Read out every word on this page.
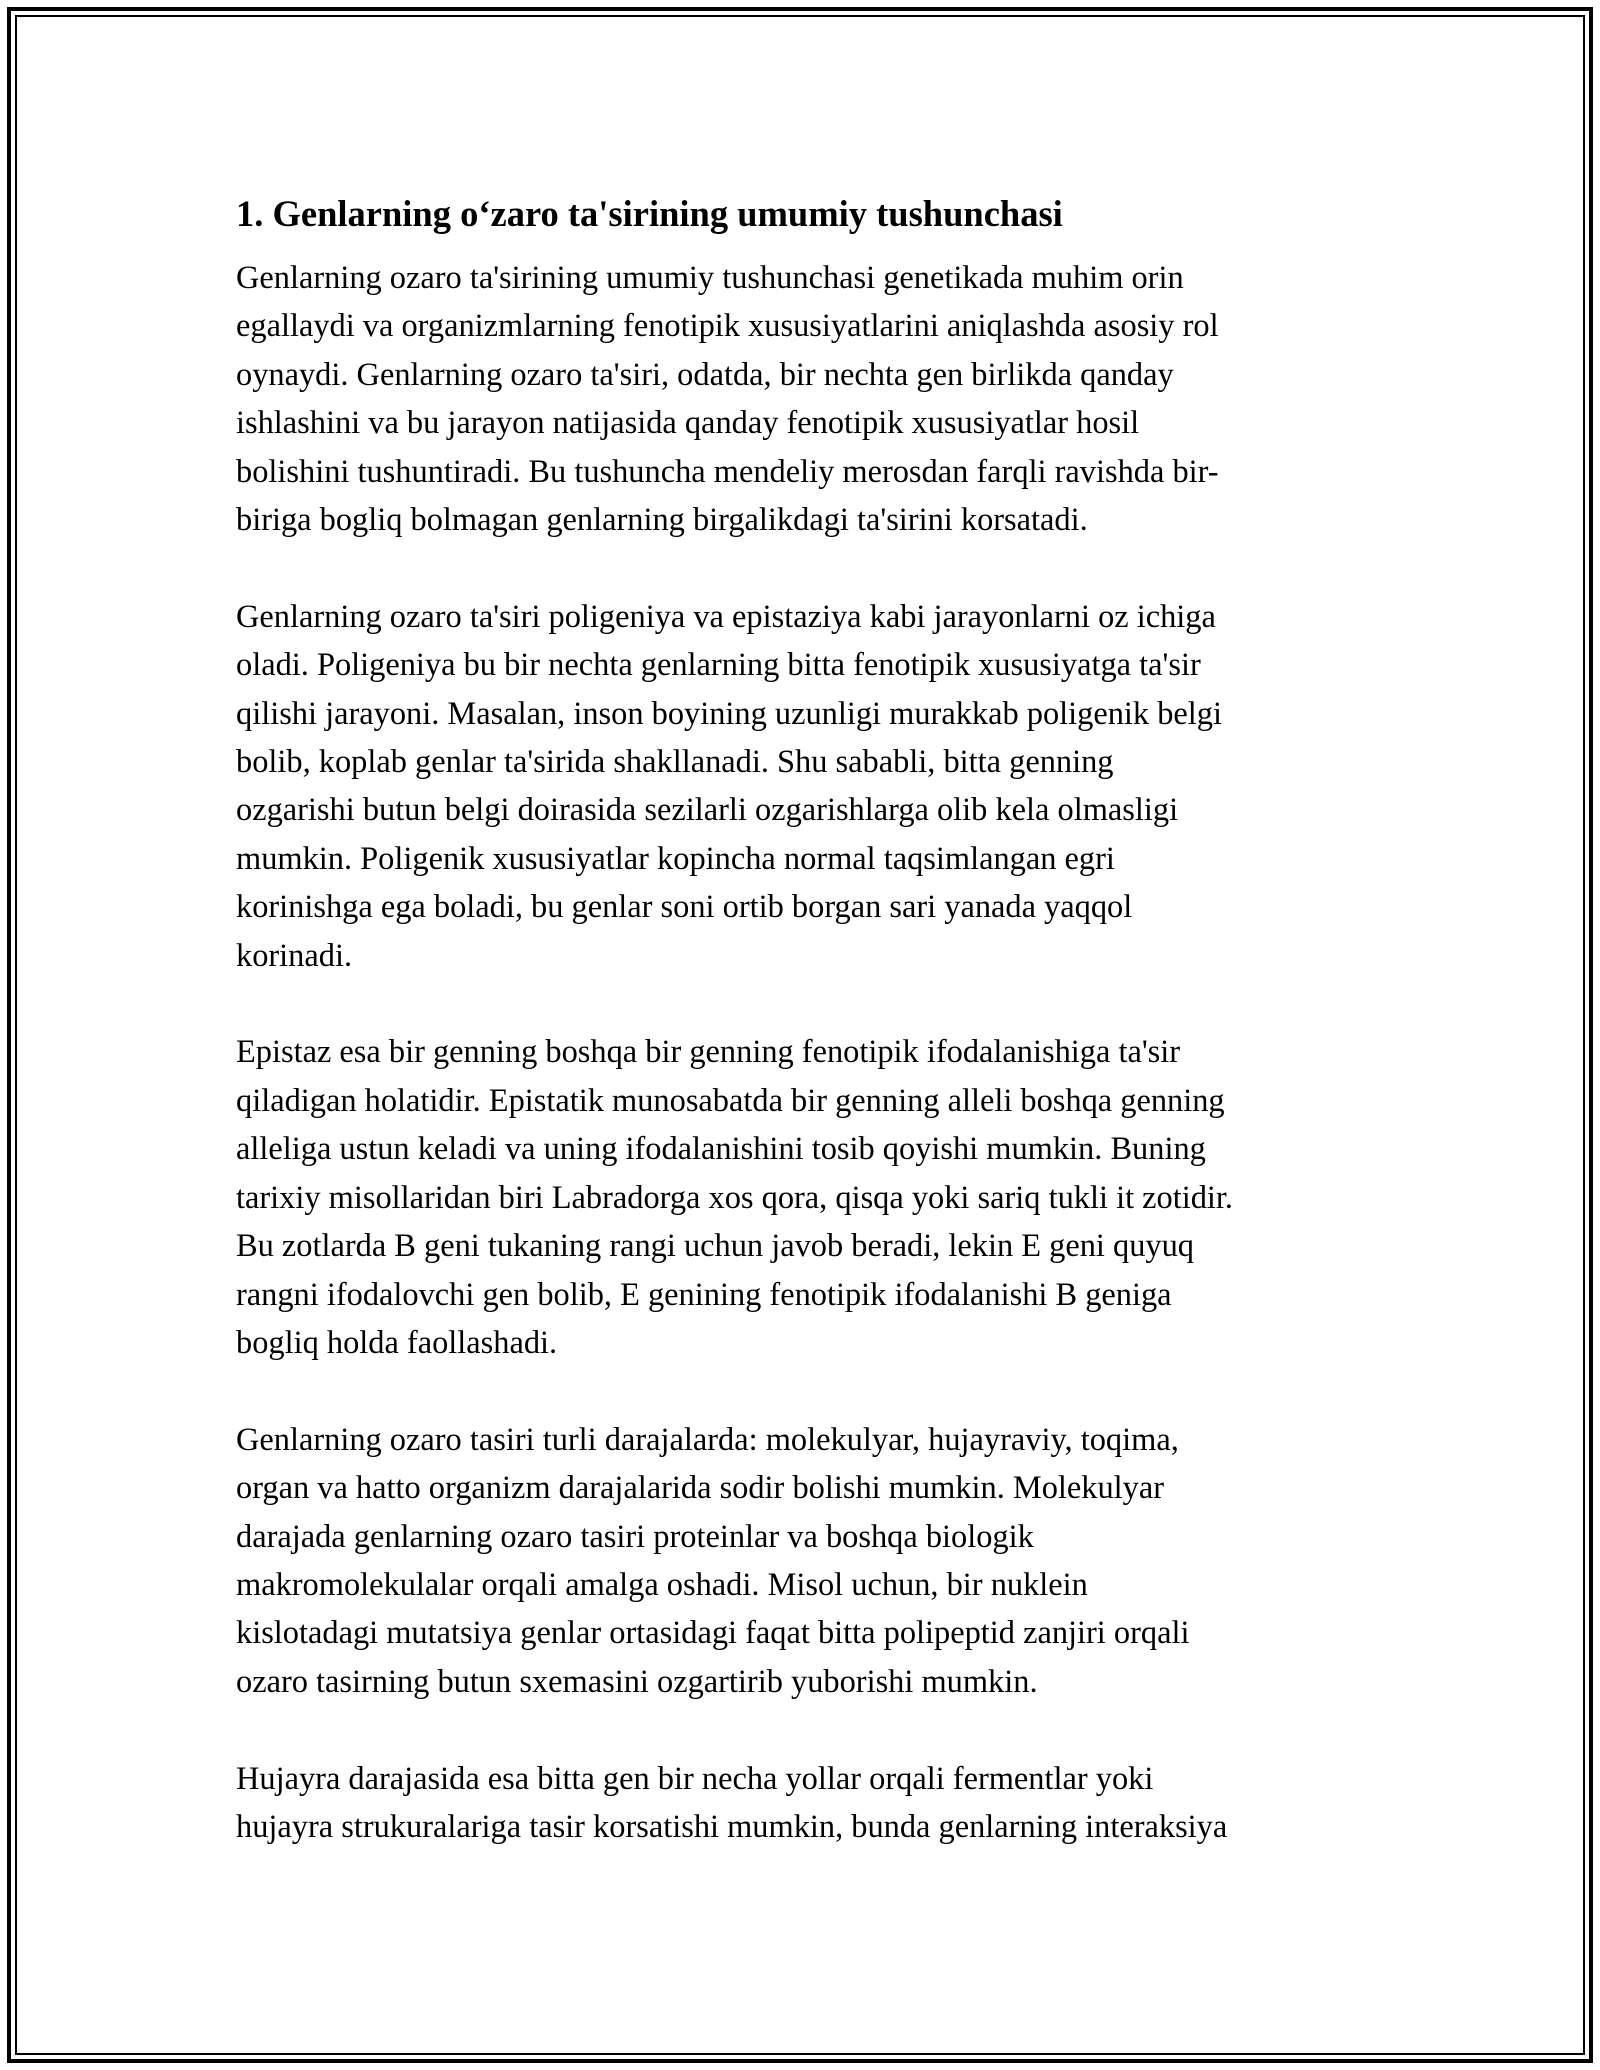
1. Genlarning o‘zaro ta'sirining umumiy tushunchasi

Genlarning ozaro ta'sirining umumiy tushunchasi genetikada muhim orin
egallaydi va organizmlarning fenotipik xususiyatlarini aniqlashda asosiy rol
oynaydi. Genlarning ozaro ta'siri, odatda, bir nechta gen birlikda qanday
ishlashini va bu jarayon natijasida qanday fenotipik xususiyatlar hosil
bolishini tushuntiradi. Bu tushuncha mendeliy merosdan farqli ravishda bir-
biriga bogliq bolmagan genlarning birgalikdagi ta'sirini korsatadi.

Genlarning ozaro ta'siri poligeniya va epistaziya kabi jarayonlarni oz ichiga
oladi. Poligeniya bu bir nechta genlarning bitta fenotipik xususiyatga ta'sir
qilishi jarayoni. Masalan, inson boyining uzunligi murakkab poligenik belgi
bolib, koplab genlar ta'sirida shakllanadi. Shu sababli, bitta genning
ozgarishi butun belgi doirasida sezilarli ozgarishlarga olib kela olmasligi
mumkin. Poligenik xususiyatlar kopincha normal taqsimlangan egri
korinishga ega boladi, bu genlar soni ortib borgan sari yanada yaqqol
korinadi.

Epistaz esa bir genning boshqa bir genning fenotipik ifodalanishiga ta'sir
qiladigan holatidir. Epistatik munosabatda bir genning alleli boshqa genning
alleliga ustun keladi va uning ifodalanishini tosib qoyishi mumkin. Buning
tarixiy misollaridan biri Labradorga xos qora, qisqa yoki sariq tukli it zotidir.
Bu zotlarda B geni tukaning rangi uchun javob beradi, lekin E geni quyuq
rangni ifodalovchi gen bolib, E genining fenotipik ifodalanishi B geniga
bogliq holda faollashadi.

Genlarning ozaro tasiri turli darajalarda: molekulyar, hujayraviy, toqima,
organ va hatto organizm darajalarida sodir bolishi mumkin. Molekulyar
darajada genlarning ozaro tasiri proteinlar va boshqa biologik
makromolekulalar orqali amalga oshadi. Misol uchun, bir nuklein
kislotadagi mutatsiya genlar ortasidagi faqat bitta polipeptid zanjiri orqali
ozaro tasirning butun sxemasini ozgartirib yuborishi mumkin.

Hujayra darajasida esa bitta gen bir necha yollar orqali fermentlar yoki
hujayra strukuralariga tasir korsatishi mumkin, bunda genlarning interaksiya
